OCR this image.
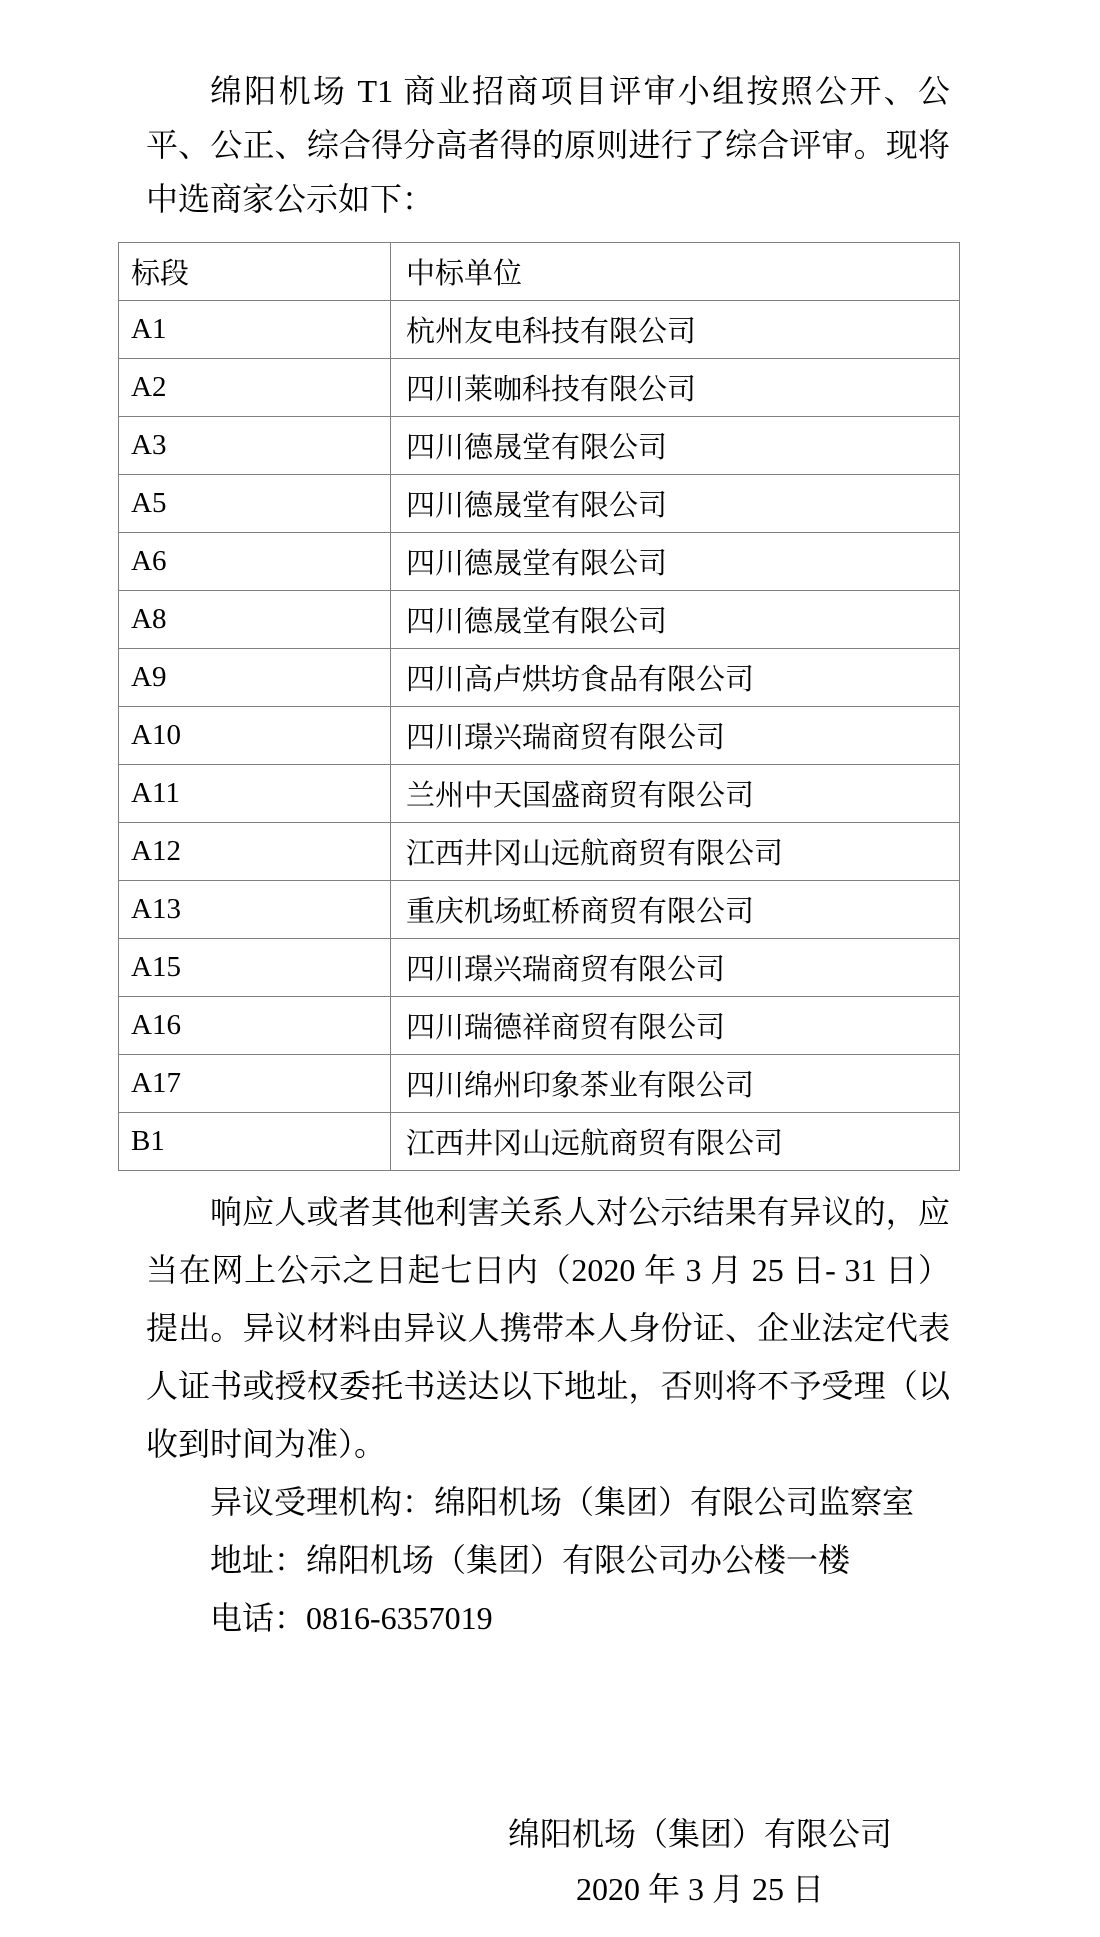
绵阳机场 T1 商业招商项目评审小组按照公开、公平、公正、综合得分高者得的原则进行了综合评审。现将中选商家公示如下：

标段	中标单位
A1	杭州友电科技有限公司
A2	四川莱咖科技有限公司
A3	四川德晟堂有限公司
A5	四川德晟堂有限公司
A6	四川德晟堂有限公司
A8	四川德晟堂有限公司
A9	四川高卢烘坊食品有限公司
A10	四川璟兴瑞商贸有限公司
A11	兰州中天国盛商贸有限公司
A12	江西井冈山远航商贸有限公司
A13	重庆机场虹桥商贸有限公司
A15	四川璟兴瑞商贸有限公司
A16	四川瑞德祥商贸有限公司
A17	四川绵州印象茶业有限公司
B1	江西井冈山远航商贸有限公司

响应人或者其他利害关系人对公示结果有异议的，应当在网上公示之日起七日内（2020 年 3 月 25 日- 31 日）提出。异议材料由异议人携带本人身份证、企业法定代表人证书或授权委托书送达以下地址，否则将不予受理（以收到时间为准）。

异议受理机构：绵阳机场（集团）有限公司监察室

地址：绵阳机场（集团）有限公司办公楼一楼

电话：0816-6357019

绵阳机场（集团）有限公司

2020 年 3 月 25 日
